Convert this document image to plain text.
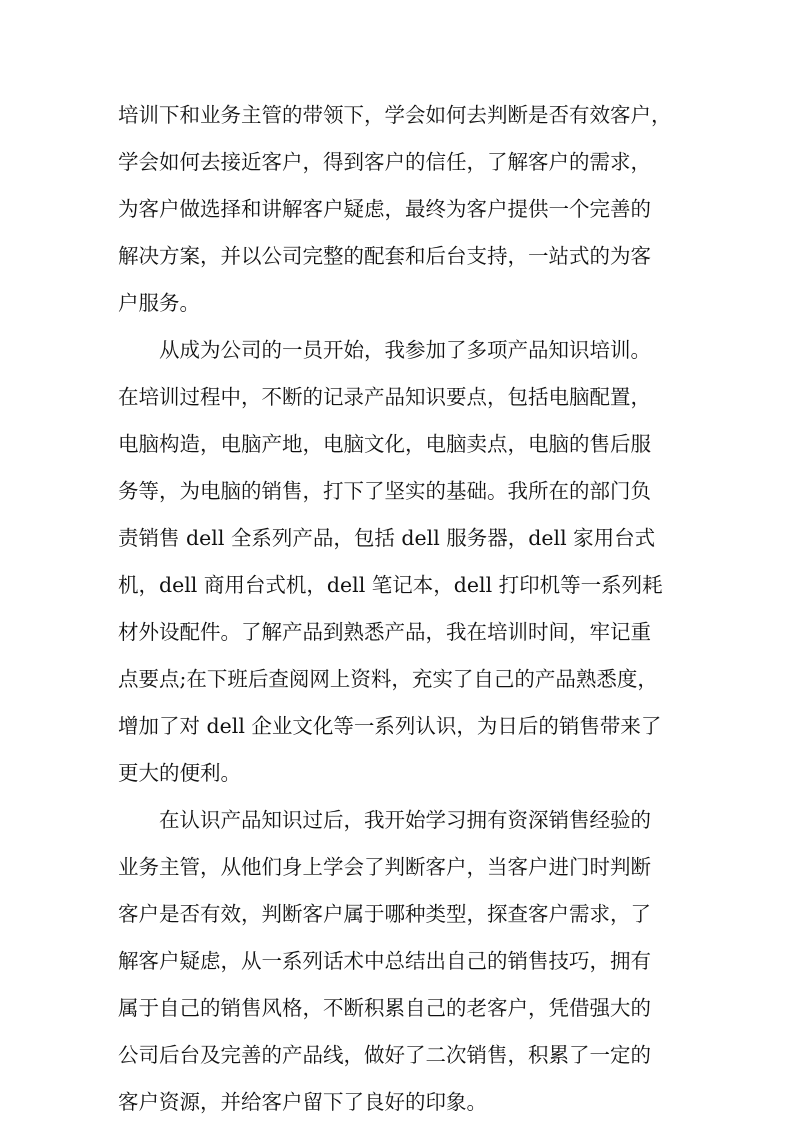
培训下和业务主管的带领下，学会如何去判断是否有效客户，
学会如何去接近客户，得到客户的信任，了解客户的需求，
为客户做选择和讲解客户疑虑，最终为客户提供一个完善的
解决方案，并以公司完整的配套和后台支持，一站式的为客
户服务。

从成为公司的一员开始，我参加了多项产品知识培训。
在培训过程中，不断的记录产品知识要点，包括电脑配置，
电脑构造，电脑产地，电脑文化，电脑卖点，电脑的售后服
务等，为电脑的销售，打下了坚实的基础。我所在的部门负
责销售 dell 全系列产品，包括 dell 服务器，dell 家用台式
机，dell 商用台式机，dell 笔记本，dell 打印机等一系列耗
材外设配件。了解产品到熟悉产品，我在培训时间，牢记重
点要点;在下班后查阅网上资料，充实了自己的产品熟悉度，
增加了对 dell 企业文化等一系列认识，为日后的销售带来了
更大的便利。

在认识产品知识过后，我开始学习拥有资深销售经验的
业务主管，从他们身上学会了判断客户，当客户进门时判断
客户是否有效，判断客户属于哪种类型，探查客户需求，了
解客户疑虑，从一系列话术中总结出自己的销售技巧，拥有
属于自己的销售风格，不断积累自己的老客户，凭借强大的
公司后台及完善的产品线，做好了二次销售，积累了一定的
客户资源，并给客户留下了良好的印象。
